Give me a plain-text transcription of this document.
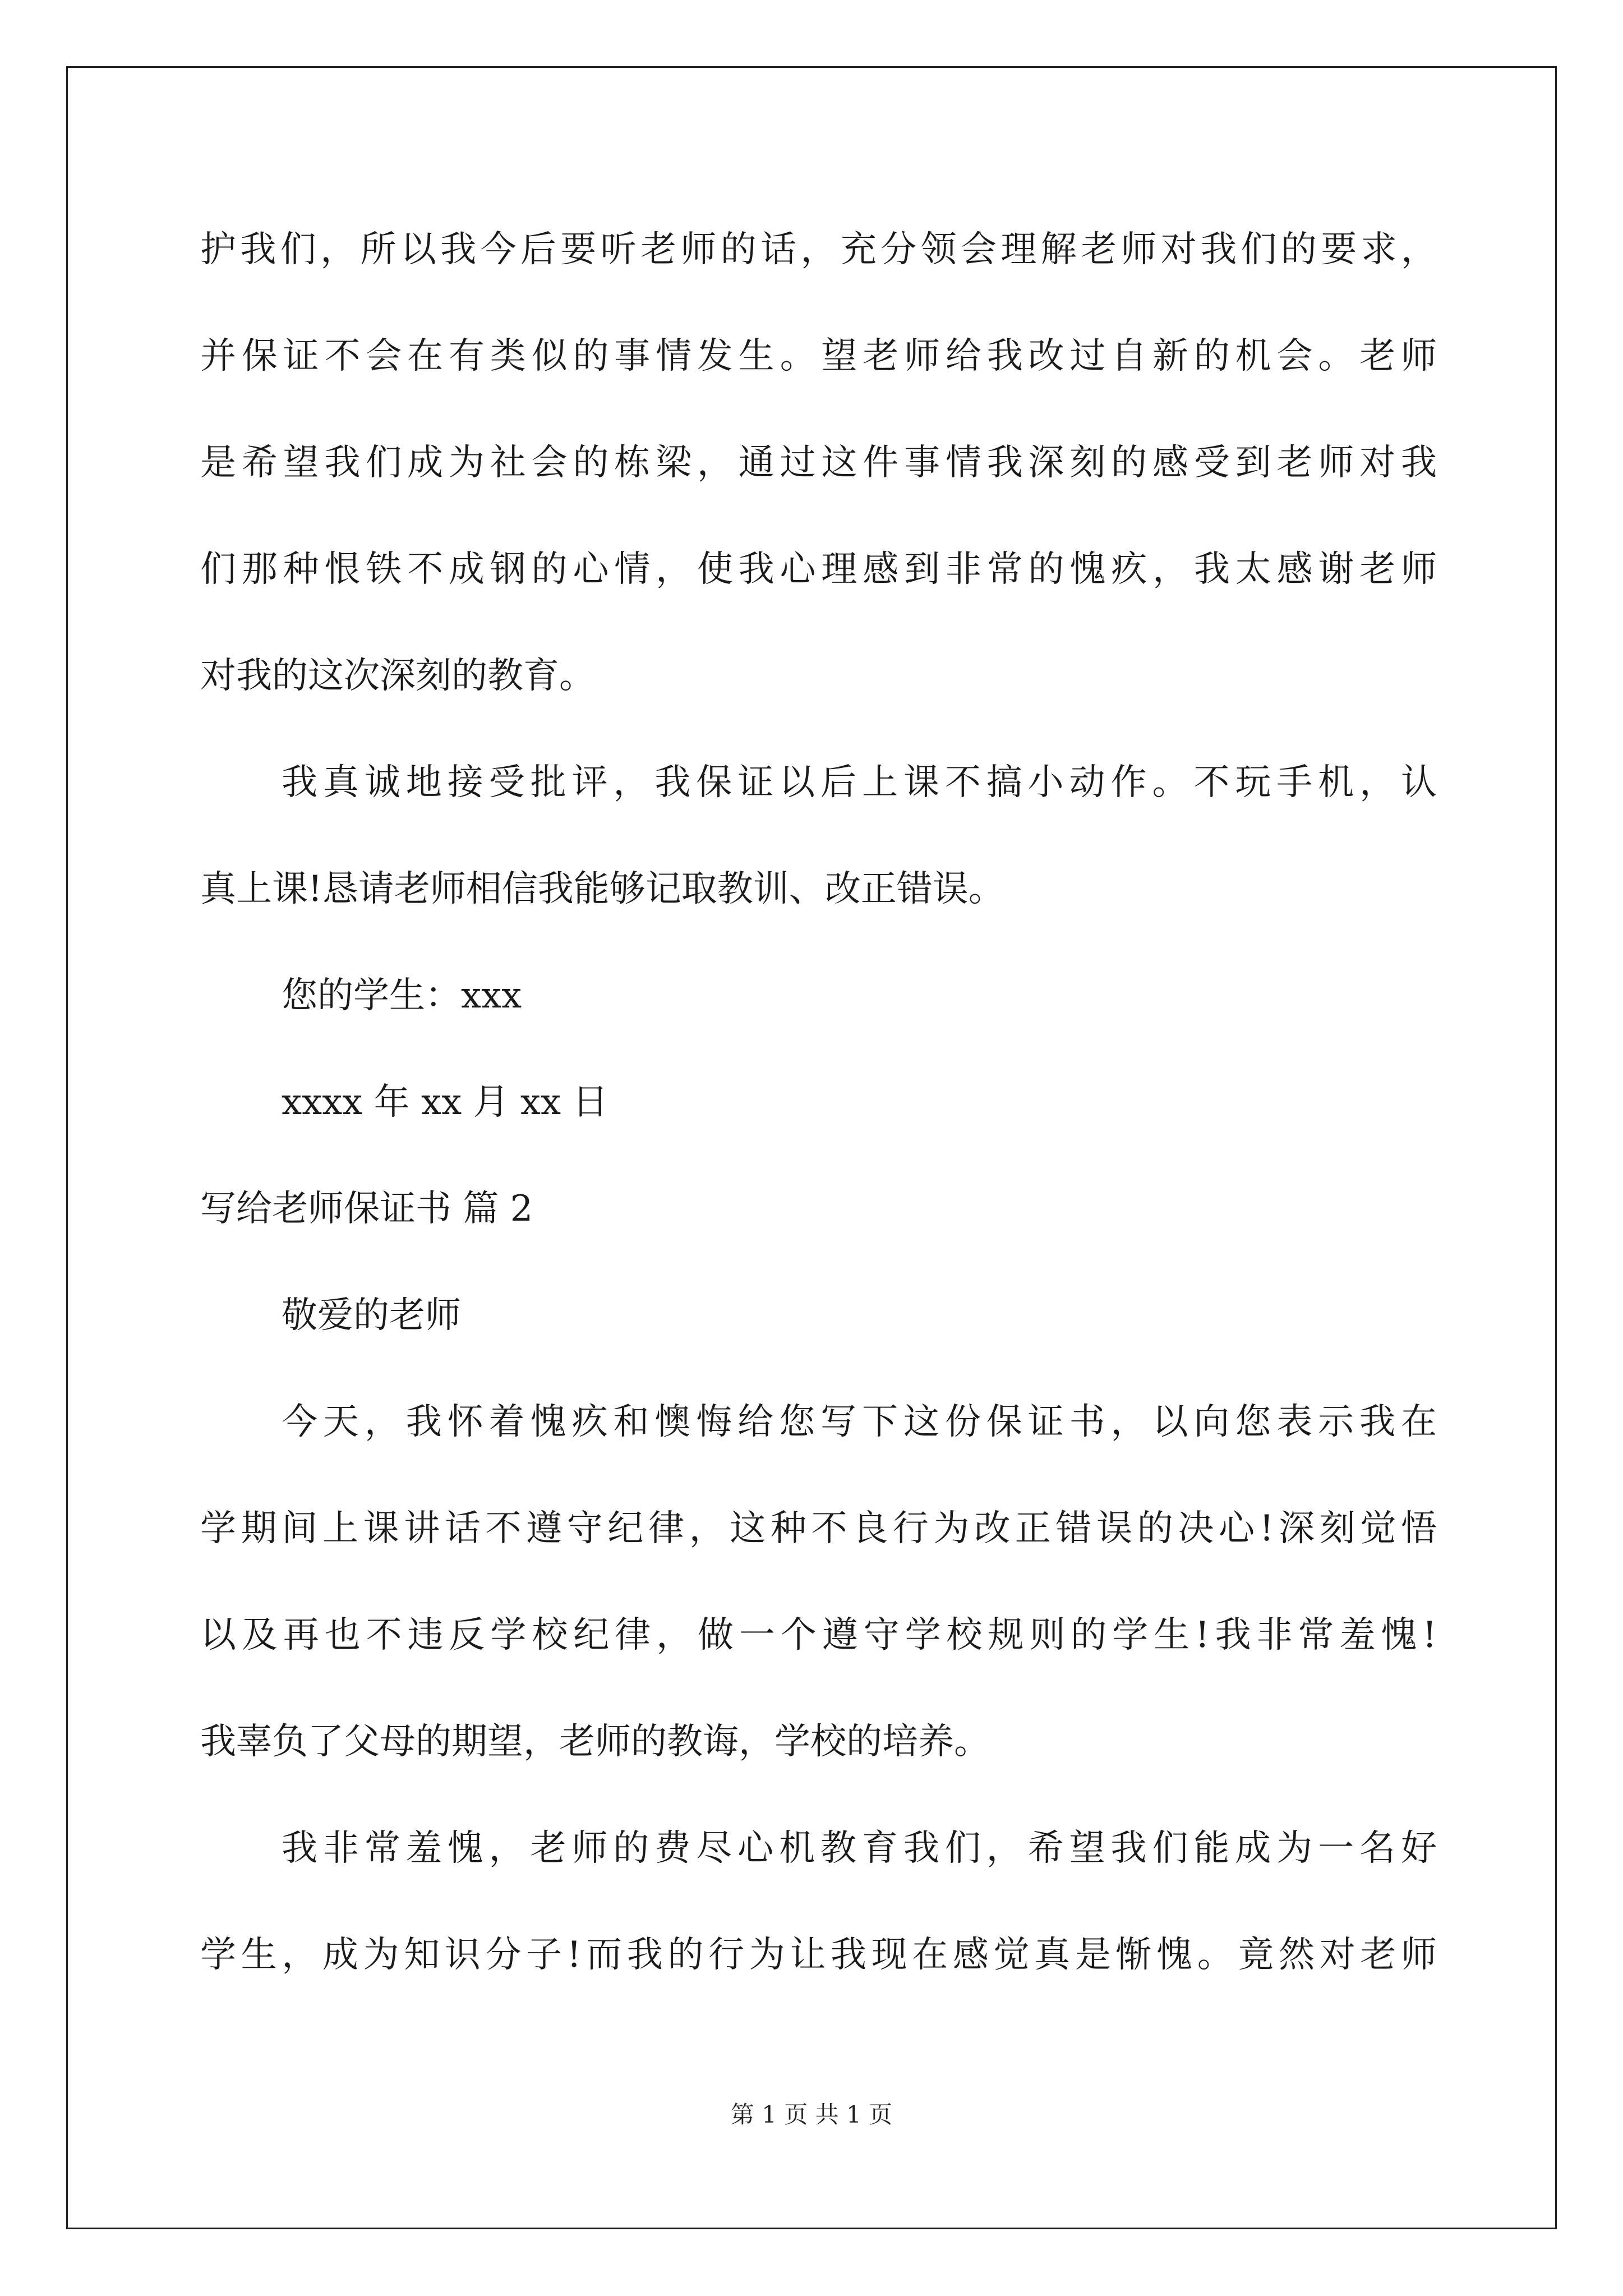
护我们，所以我今后要听老师的话，充分领会理解老师对我们的要求，
并保证不会在有类似的事情发生。望老师给我改过自新的机会。老师
是希望我们成为社会的栋梁，通过这件事情我深刻的感受到老师对我
们那种恨铁不成钢的心情，使我心理感到非常的愧疚，我太感谢老师
对我的这次深刻的教育。
我真诚地接受批评，我保证以后上课不搞小动作。不玩手机，认
真上课!恳请老师相信我能够记取教训、改正错误。
您的学生：xxx
xxxx 年 xx 月 xx 日
写给老师保证书 篇 2
敬爱的老师
今天，我怀着愧疚和懊悔给您写下这份保证书，以向您表示我在
学期间上课讲话不遵守纪律，这种不良行为改正错误的决心!深刻觉悟
以及再也不违反学校纪律，做一个遵守学校规则的学生!我非常羞愧!
我辜负了父母的期望，老师的教诲，学校的培养。
我非常羞愧，老师的费尽心机教育我们，希望我们能成为一名好
学生，成为知识分子!而我的行为让我现在感觉真是惭愧。竟然对老师
第 1 页 共 1 页
